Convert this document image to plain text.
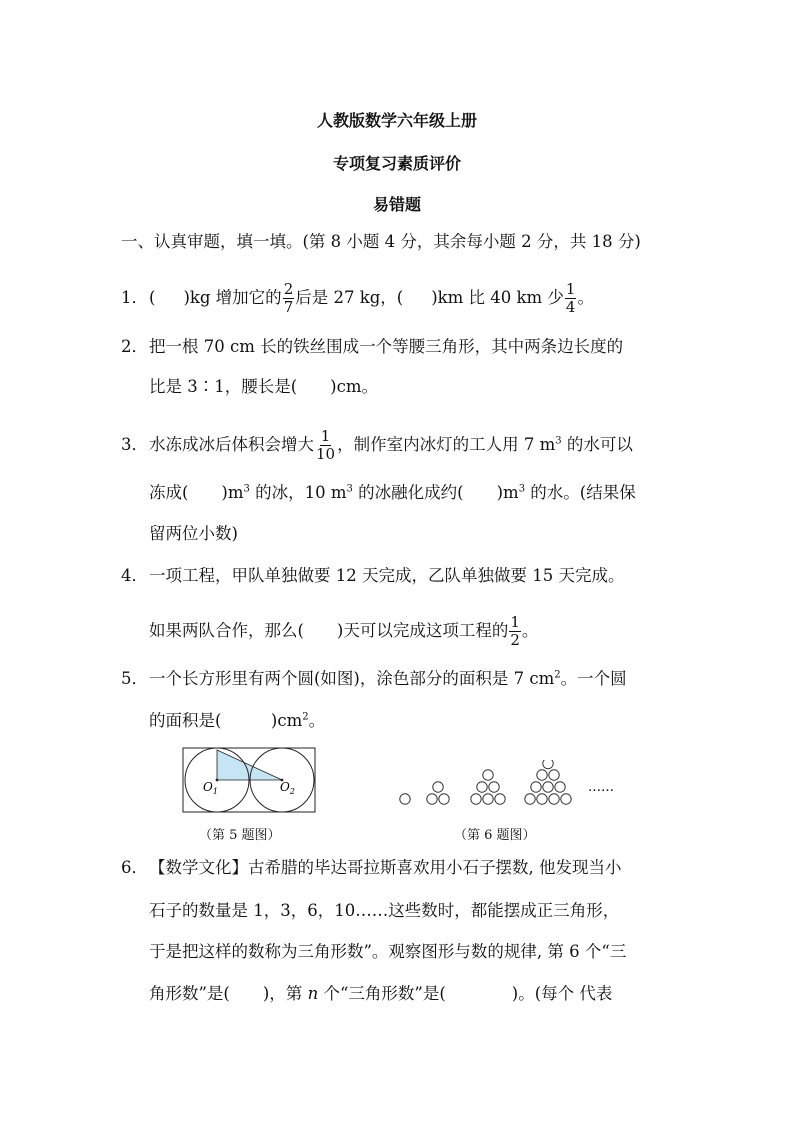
人教版数学六年级上册
专项复习素质评价
易错题
一、认真审题，填一填。(第 8 小题 4 分，其余每小题 2 分，共 18 分)
1．( )kg 增加它的 $\frac{2}{7}$ 后是 27 kg，( )km 比 40 km 少 $\frac{1}{4}$ 。
2．把一根 70 cm 长的铁丝围成一个等腰三角形，其中两条边长度的
比是 3∶1，腰长是(　　)cm。
3．水冻成冰后体积会增大 $\frac{1}{10}$ ，制作室内冰灯的工人用 7 $m^3$ 的水可以
冻成(　　)$m^3$ 的冰，10 $m^3$ 的冰融化成约(　　)$m^3$ 的水。(结果保
留两位小数)
4．一项工程，甲队单独做要 12 天完成，乙队单独做要 15 天完成。
如果两队合作，那么(　　)天可以完成这项工程的 $\frac{1}{2}$ 。
5．一个长方形里有两个圆(如图)，涂色部分的面积是 7 $cm^2$。一个圆
的面积是(　　　)$cm^2$。
$O_1$	$O_2$
（第 5 题图）
……
（第 6 题图）
6．【数学文化】古希腊的毕达哥拉斯喜欢用小石子摆数, 他发现当小
石子的数量是 1，3，6，10……这些数时，都能摆成正三角形，
于是把这样的数称为三角形数”。观察图形与数的规律, 第 6 个“三
角形数”是(　　)，第 n 个“三角形数”是(　　　　)。(每个 代表
